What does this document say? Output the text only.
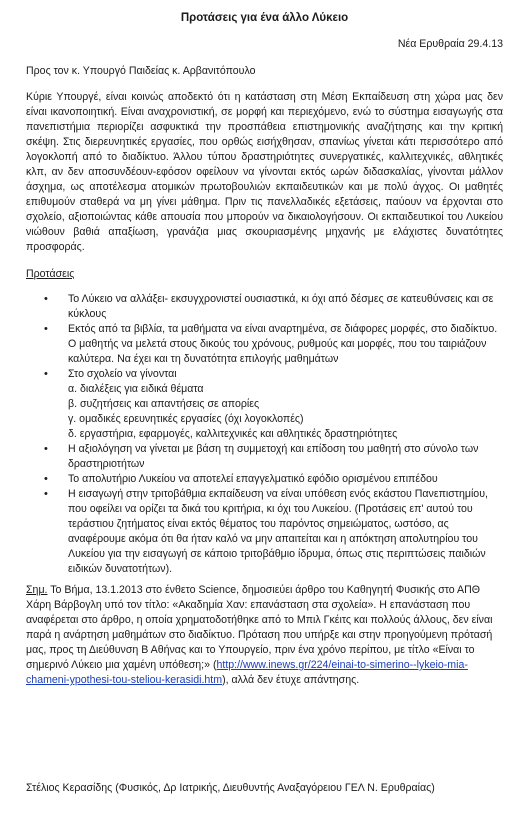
Προτάσεις για ένα άλλο Λύκειο
Νέα Ερυθραία 29.4.13
Προς τον κ. Υπουργό Παιδείας κ. Αρβανιτόπουλο
Κύριε Υπουργέ, είναι κοινώς αποδεκτό ότι η κατάσταση στη Μέση Εκπαίδευση στη χώρα μας δεν είναι ικανοποιητική. Είναι αναχρονιστική, σε μορφή και περιεχόμενο, ενώ το σύστημα εισαγωγής στα πανεπιστήμια περιορίζει ασφυκτικά την προσπάθεια επιστημονικής αναζήτησης και την κριτική σκέψη. Στις διερευνητικές εργασίες, που ορθώς εισήχθησαν, σπανίως γίνεται κάτι περισσότερο από λογοκλοπή από το διαδίκτυο. Άλλου τύπου δραστηριότητες συνεργατικές, καλλιτεχνικές, αθλητικές κλπ, αν δεν αποσυνδέουν-εφόσον οφείλουν να γίνονται εκτός ωρών διδασκαλίας, γίνονται μάλλον άσχημα, ως αποτέλεσμα ατομικών πρωτοβουλιών εκπαιδευτικών και με πολύ άγχος. Οι μαθητές επιθυμούν σταθερά να μη γίνει μάθημα. Πριν τις πανελλαδικές εξετάσεις, παύουν να έρχονται στο σχολείο, αξιοποιώντας κάθε απουσία που μπορούν να δικαιολογήσουν. Οι εκπαιδευτικοί του Λυκείου νιώθουν βαθιά απαξίωση, γρανάζια μιας σκουριασμένης μηχανής με ελάχιστες δυνατότητες προσφοράς.
Προτάσεις
• Το Λύκειο να αλλάξει- εκσυγχρονιστεί ουσιαστικά, κι όχι από δέσμες σε κατευθύνσεις και σε κύκλους
• Εκτός από τα βιβλία, τα μαθήματα να είναι αναρτημένα, σε διάφορες μορφές, στο διαδίκτυο. Ο μαθητής να μελετά στους δικούς του χρόνους, ρυθμούς και μορφές, που του ταιριάζουν καλύτερα. Να έχει και τη δυνατότητα επιλογής μαθημάτων
• Στο σχολείο να γίνονται
α. διαλέξεις για ειδικά θέματα
β. συζητήσεις και απαντήσεις σε απορίες
γ. ομαδικές ερευνητικές εργασίες (όχι λογοκλοπές)
δ. εργαστήρια, εφαρμογές, καλλιτεχνικές και αθλητικές δραστηριότητες
• Η αξιολόγηση να γίνεται με βάση τη συμμετοχή και επίδοση του μαθητή στο σύνολο των δραστηριοτήτων
• Το απολυτήριο Λυκείου να αποτελεί επαγγελματικό εφόδιο ορισμένου επιπέδου
• Η εισαγωγή στην τριτοβάθμια εκπαίδευση να είναι υπόθεση ενός εκάστου Πανεπιστημίου, που οφείλει να ορίζει τα δικά του κριτήρια, κι όχι του Λυκείου. (Προτάσεις επ' αυτού του τεράστιου ζητήματος είναι εκτός θέματος του παρόντος σημειώματος, ωστόσο, ας αναφέρουμε ακόμα ότι θα ήταν καλό να μην απαιτείται και η απόκτηση απολυτηρίου του Λυκείου για την εισαγωγή σε κάποιο τριτοβάθμιο ίδρυμα, όπως στις περιπτώσεις παιδιών ειδικών δυνατοτήτων).
Σημ. Το Βήμα, 13.1.2013 στο ένθετο Science, δημοσιεύει άρθρο του Καθηγητή Φυσικής στο ΑΠΘ Χάρη Βάρβογλη υπό τον τίτλο: «Ακαδημία Χαν: επανάσταση στα σχολεία». Η επανάσταση που αναφέρεται στο άρθρο, η οποία χρηματοδοτήθηκε από το Μπιλ Γκέιτς και πολλούς άλλους, δεν είναι παρά η ανάρτηση μαθημάτων στο διαδίκτυο. Πρόταση που υπήρξε και στην προηγούμενη πρότασή μας, προς τη Διεύθυνση Β Αθήνας και το Υπουργείο, πριν ένα χρόνο περίπου, με τίτλο «Είναι το σημερινό Λύκειο μια χαμένη υπόθεση;» (http://www.inews.gr/224/einai-to-simerino--lykeio-mia-chameni-ypothesi-tou-steliou-kerasidi.htm), αλλά δεν έτυχε απάντησης.
Στέλιος Κερασίδης (Φυσικός, Δρ Ιατρικής, Διευθυντής Αναξαγόρειου ΓΕΛ Ν. Ερυθραίας)
